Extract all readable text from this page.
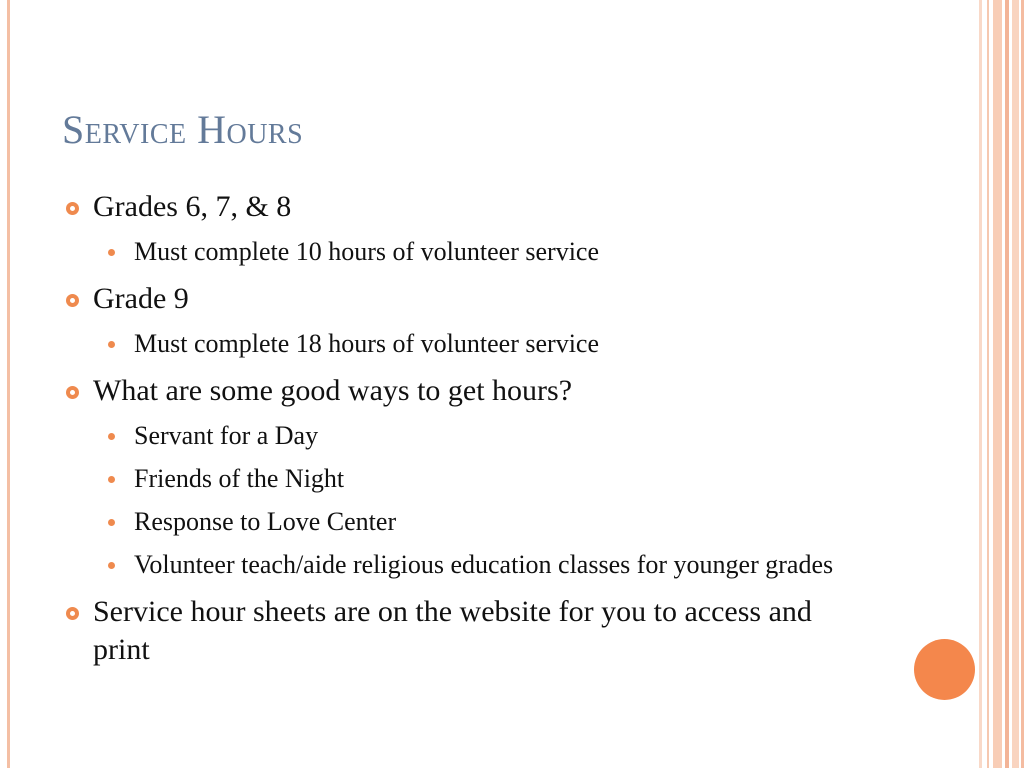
Service Hours
Grades 6, 7, & 8
Must complete 10 hours of volunteer service
Grade 9
Must complete 18 hours of volunteer service
What are some good ways to get hours?
Servant for a Day
Friends of the Night
Response to Love Center
Volunteer teach/aide religious education classes for younger grades
Service hour sheets are on the website for you to access and print
